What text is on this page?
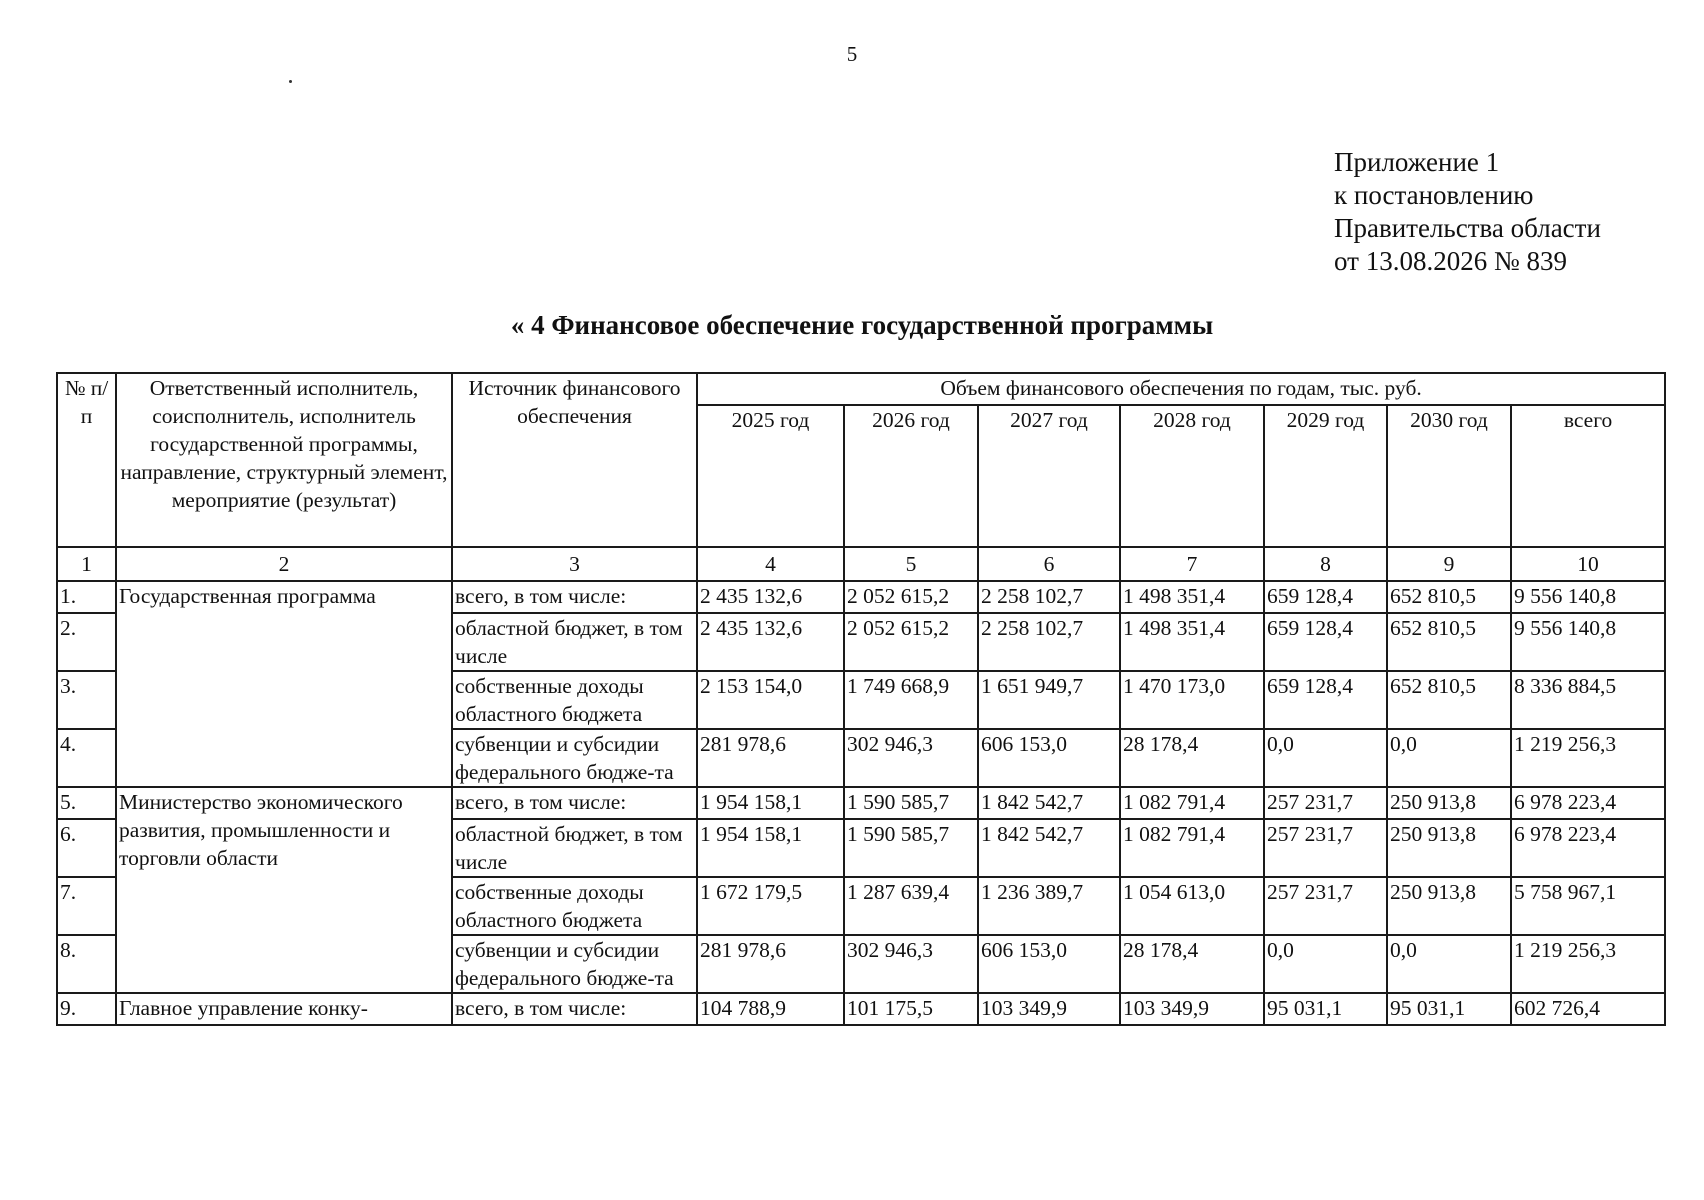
5
Приложение 1
к постановлению
Правительства области
от 13.08.2026 № 839
« 4 Финансовое обеспечение государственной программы
№ п/п	Ответственный исполнитель, соисполнитель, исполнитель государственной программы, направление, структурный элемент, мероприятие (результат)	Источник финансового обеспечения	Объем финансового обеспечения по годам, тыс. руб.						
			2025 год	2026 год	2027 год	2028 год	2029 год	2030 год	всего
1	2	3	4	5	6	7	8	9	10
1.	Государственная программа	всего, в том числе:	2 435 132,6	2 052 615,2	2 258 102,7	1 498 351,4	659 128,4	652 810,5	9 556 140,8
2.		областной бюджет, в том числе	2 435 132,6	2 052 615,2	2 258 102,7	1 498 351,4	659 128,4	652 810,5	9 556 140,8
3.		собственные доходы областного бюджета	2 153 154,0	1 749 668,9	1 651 949,7	1 470 173,0	659 128,4	652 810,5	8 336 884,5
4.		субвенции и субсидии федерального бюдже-та	281 978,6	302 946,3	606 153,0	28 178,4	0,0	0,0	1 219 256,3
5.	Министерство экономического развития, промышленности и торговли области	всего, в том числе:	1 954 158,1	1 590 585,7	1 842 542,7	1 082 791,4	257 231,7	250 913,8	6 978 223,4
6.		областной бюджет, в том числе	1 954 158,1	1 590 585,7	1 842 542,7	1 082 791,4	257 231,7	250 913,8	6 978 223,4
7.		собственные доходы областного бюджета	1 672 179,5	1 287 639,4	1 236 389,7	1 054 613,0	257 231,7	250 913,8	5 758 967,1
8.		субвенции и субсидии федерального бюдже-та	281 978,6	302 946,3	606 153,0	28 178,4	0,0	0,0	1 219 256,3
9.	Главное управление конку-	всего, в том числе:	104 788,9	101 175,5	103 349,9	103 349,9	95 031,1	95 031,1	602 726,4
